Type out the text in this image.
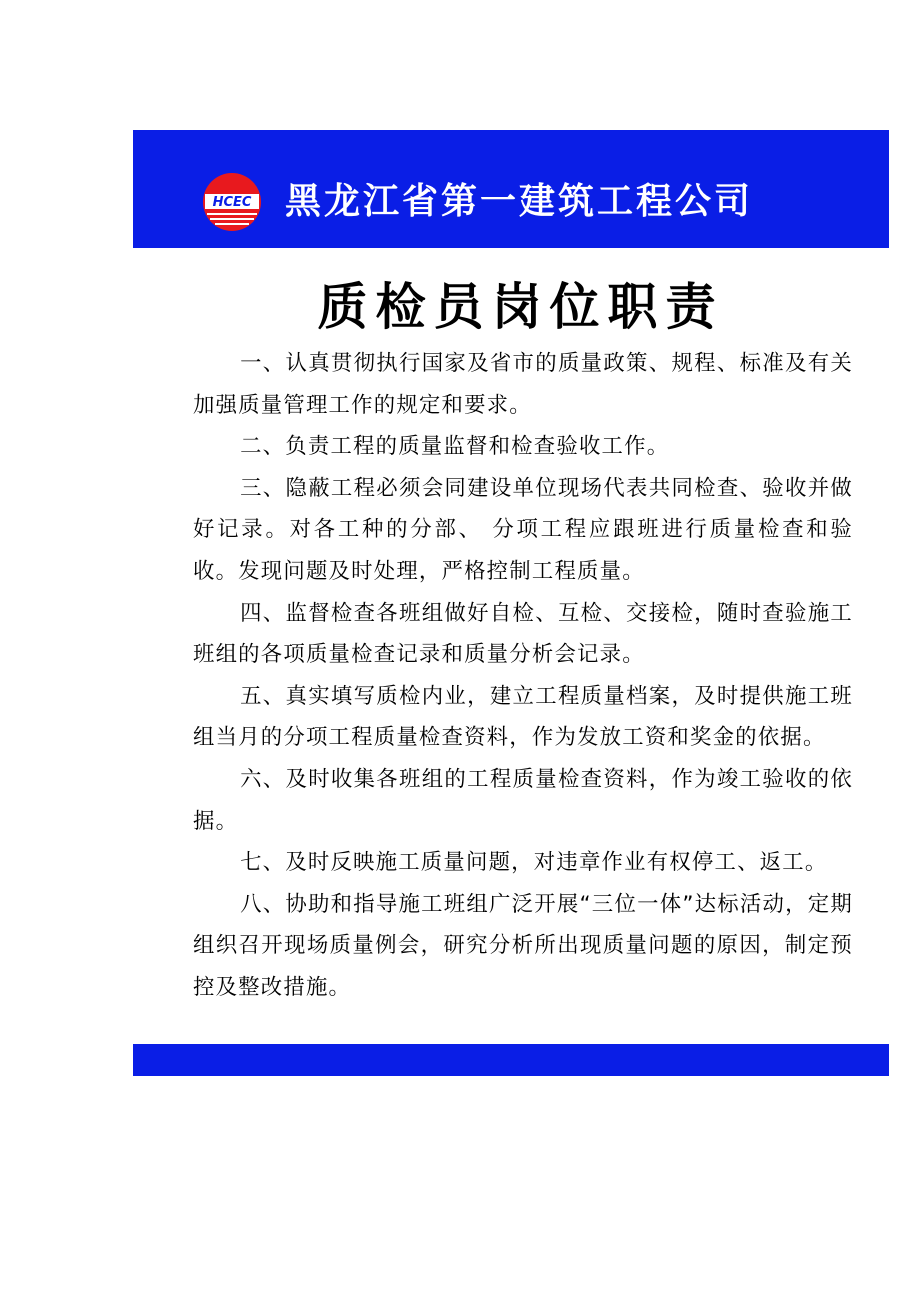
HCEC 黑龙江省第一建筑工程公司
质检员岗位职责

一、认真贯彻执行国家及省市的质量政策、规程、标准及有关加强质量管理工作的规定和要求。

二、负责工程的质量监督和检查验收工作。

三、隐蔽工程必须会同建设单位现场代表共同检查、验收并做好记录。对各工种的分部、 分项工程应跟班进行质量检查和验收。发现问题及时处理，严格控制工程质量。

四、监督检查各班组做好自检、互检、交接检，随时查验施工班组的各项质量检查记录和质量分析会记录。

五、真实填写质检内业，建立工程质量档案，及时提供施工班组当月的分项工程质量检查资料，作为发放工资和奖金的依据。

六、及时收集各班组的工程质量检查资料，作为竣工验收的依据。

七、及时反映施工质量问题，对违章作业有权停工、返工。

八、协助和指导施工班组广泛开展“三位一体”达标活动，定期组织召开现场质量例会，研究分析所出现质量问题的原因，制定预控及整改措施。
